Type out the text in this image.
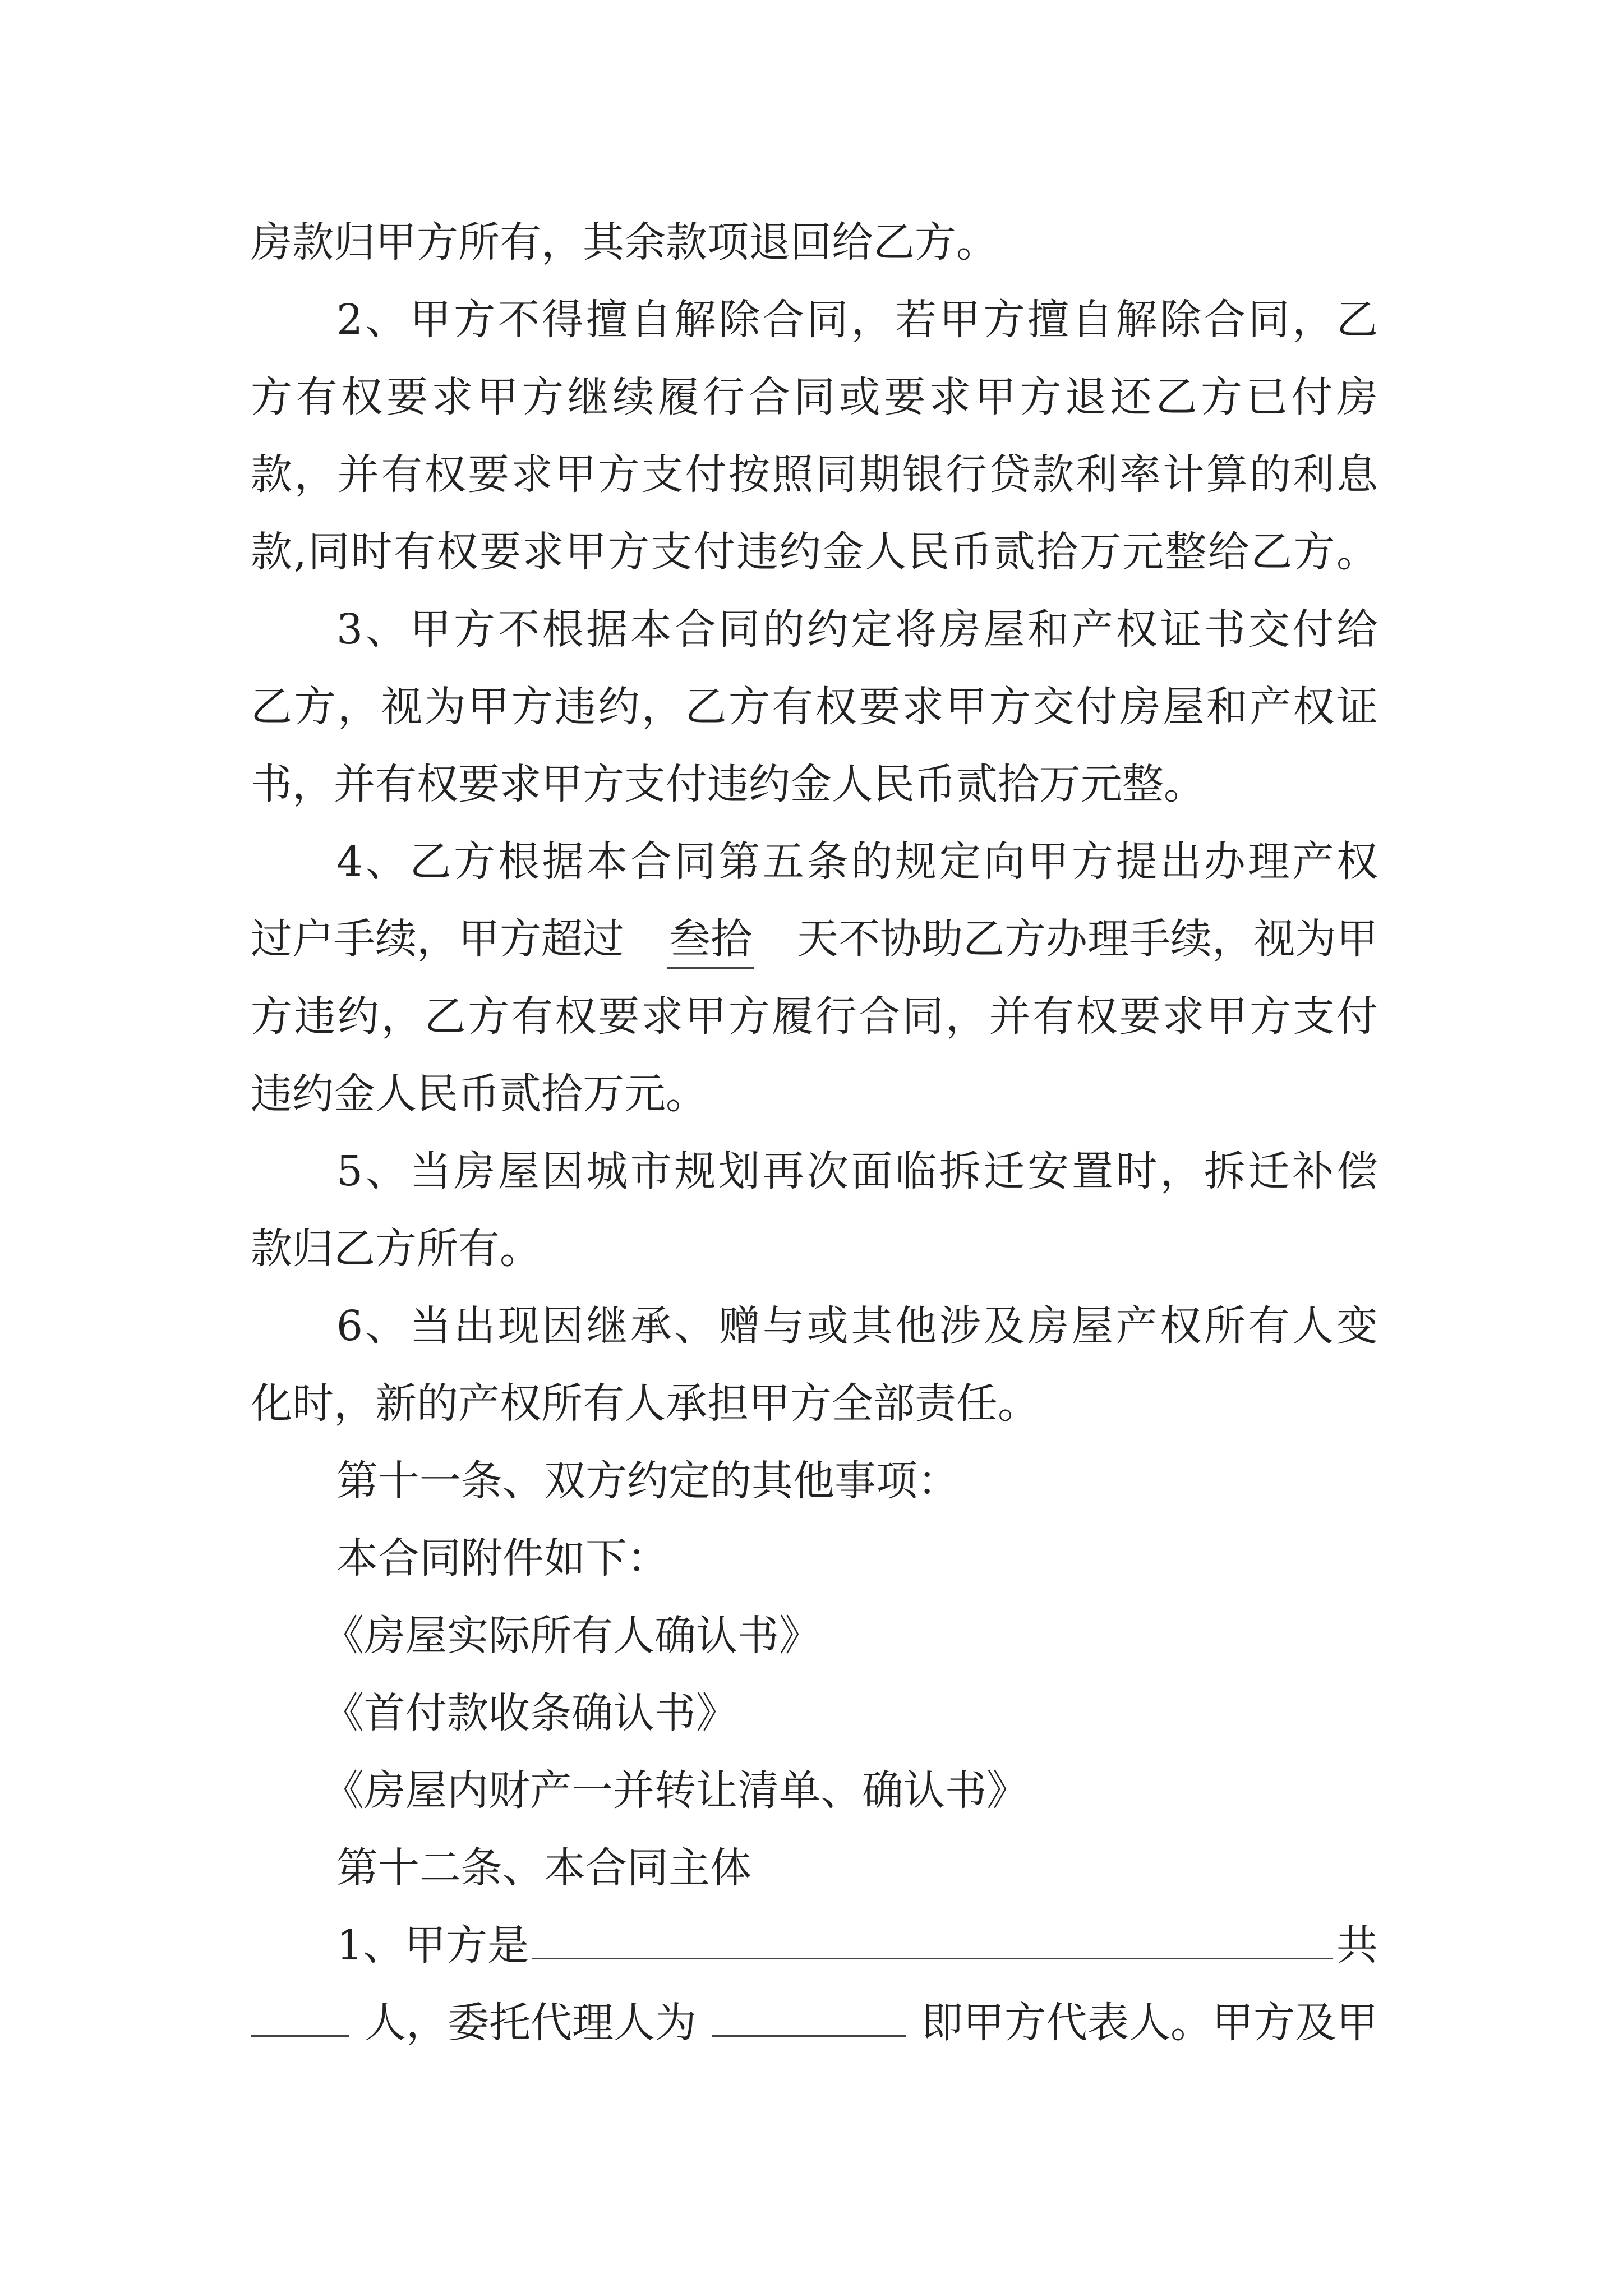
房款归甲方所有，其余款项退回给乙方。
2、甲方不得擅自解除合同，若甲方擅自解除合同，乙
方有权要求甲方继续履行合同或要求甲方退还乙方已付房
款，并有权要求甲方支付按照同期银行贷款利率计算的利息
款,同时有权要求甲方支付违约金人民币贰拾万元整给乙方。
3、甲方不根据本合同的约定将房屋和产权证书交付给
乙方，视为甲方违约，乙方有权要求甲方交付房屋和产权证
书，并有权要求甲方支付违约金人民币贰拾万元整。
4、乙方根据本合同第五条的规定向甲方提出办理产权
过户手续，甲方超过 叁拾 天不协助乙方办理手续，视为甲
方违约，乙方有权要求甲方履行合同，并有权要求甲方支付
违约金人民币贰拾万元。
5、当房屋因城市规划再次面临拆迁安置时，拆迁补偿
款归乙方所有。
6、当出现因继承、赠与或其他涉及房屋产权所有人变
化时，新的产权所有人承担甲方全部责任。
第十一条、双方约定的其他事项：
本合同附件如下：
《房屋实际所有人确认书》
《首付款收条确认书》
《房屋内财产一并转让清单、确认书》
第十二条、本合同主体
1、甲方是	共
人，委托代理人为	即甲方代表人。甲方及甲
